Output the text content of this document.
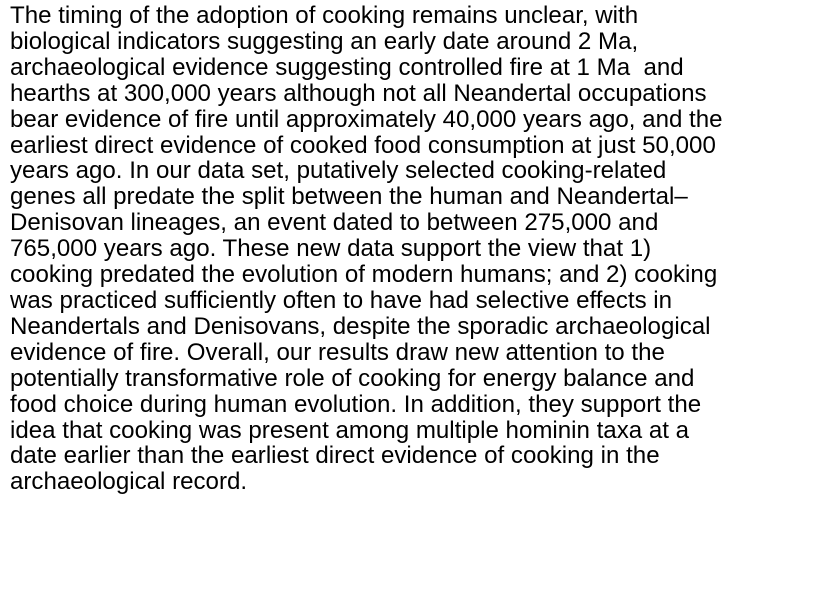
The timing of the adoption of cooking remains unclear, with
biological indicators suggesting an early date around 2 Ma,
archaeological evidence suggesting controlled fire at 1 Ma  and
hearths at 300,000 years although not all Neandertal occupations
bear evidence of fire until approximately 40,000 years ago, and the
earliest direct evidence of cooked food consumption at just 50,000
years ago. In our data set, putatively selected cooking-related
genes all predate the split between the human and Neandertal–
Denisovan lineages, an event dated to between 275,000 and
765,000 years ago. These new data support the view that 1)
cooking predated the evolution of modern humans; and 2) cooking
was practiced sufficiently often to have had selective effects in
Neandertals and Denisovans, despite the sporadic archaeological
evidence of fire. Overall, our results draw new attention to the
potentially transformative role of cooking for energy balance and
food choice during human evolution. In addition, they support the
idea that cooking was present among multiple hominin taxa at a
date earlier than the earliest direct evidence of cooking in the
archaeological record.
